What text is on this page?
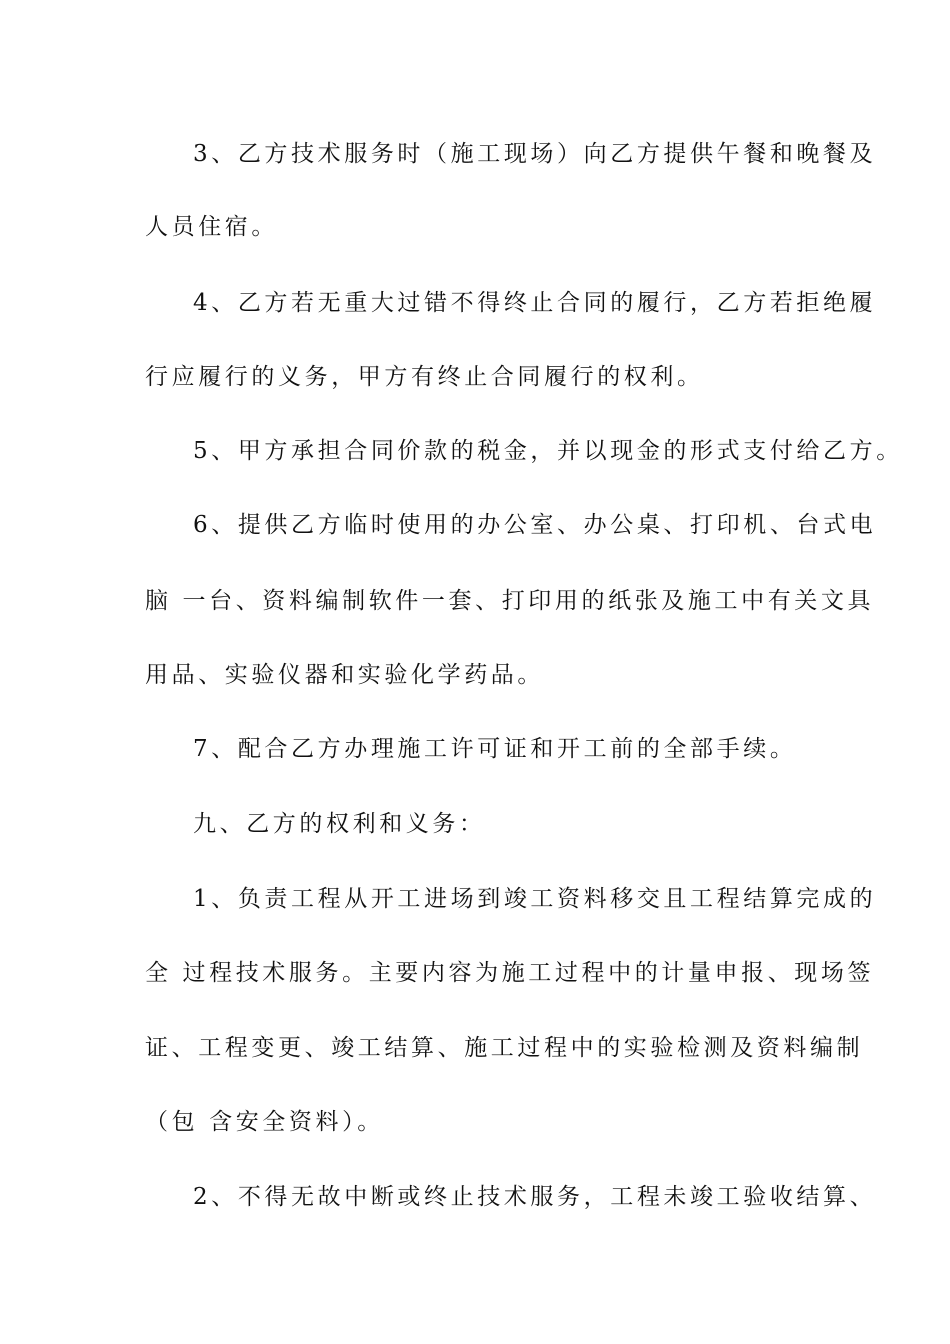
3、乙方技术服务时（施工现场）向乙方提供午餐和晚餐及
人员住宿。
4、乙方若无重大过错不得终止合同的履行，乙方若拒绝履
行应履行的义务，甲方有终止合同履行的权利。
5、甲方承担合同价款的税金，并以现金的形式支付给乙方。
6、提供乙方临时使用的办公室、办公桌、打印机、台式电
脑 一台、资料编制软件一套、打印用的纸张及施工中有关文具
用品、实验仪器和实验化学药品。
7、配合乙方办理施工许可证和开工前的全部手续。
九、乙方的权利和义务：
1、负责工程从开工进场到竣工资料移交且工程结算完成的
全 过程技术服务。主要内容为施工过程中的计量申报、现场签
证、工程变更、竣工结算、施工过程中的实验检测及资料编制
（包 含安全资料）。
2、不得无故中断或终止技术服务，工程未竣工验收结算、
